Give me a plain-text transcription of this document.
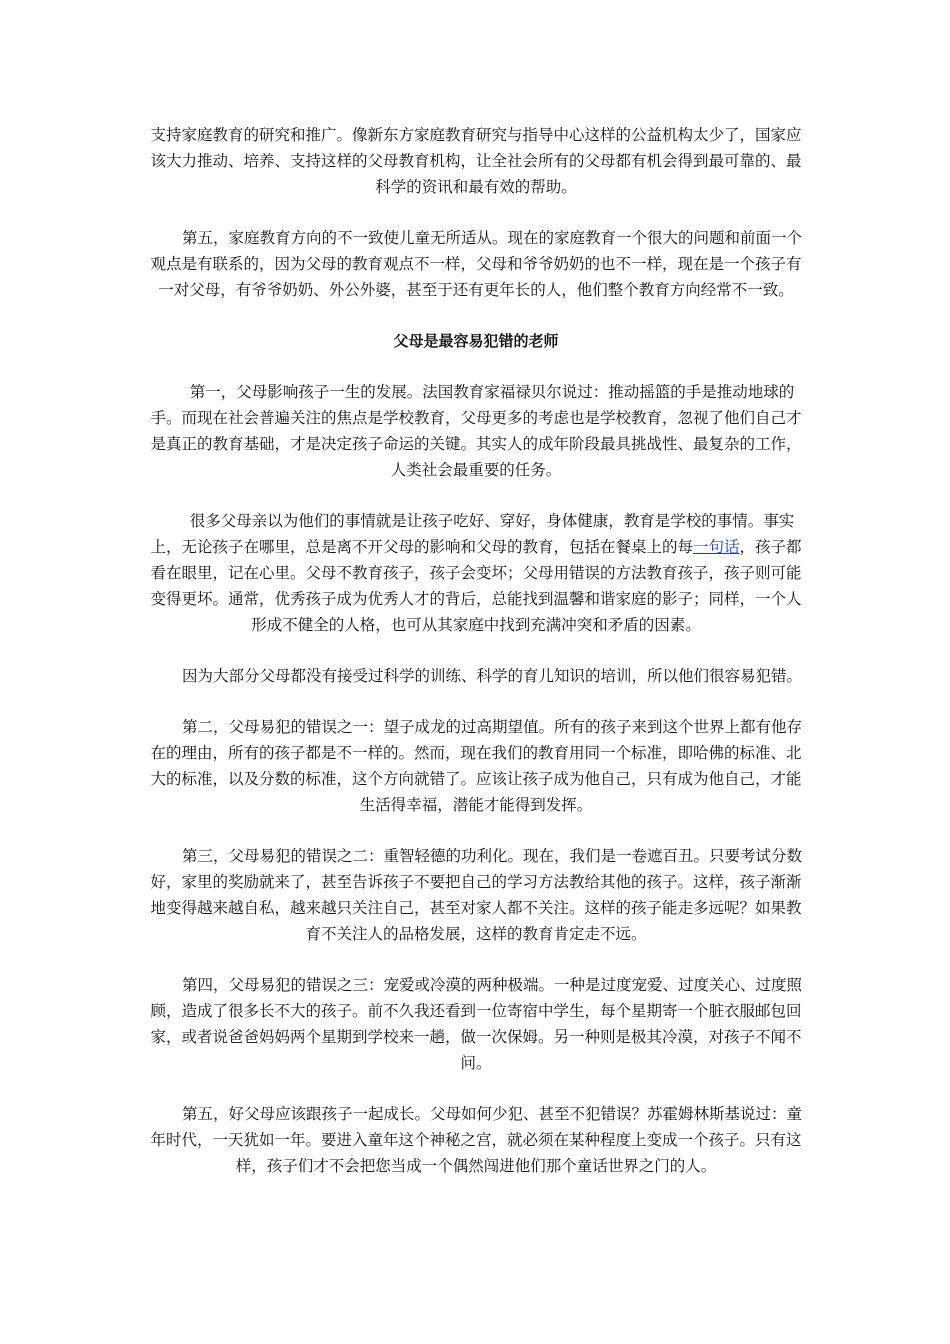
支持家庭教育的研究和推广。像新东方家庭教育研究与指导中心这样的公益机构太少了，国家应该大力推动、培养、支持这样的父母教育机构，让全社会所有的父母都有机会得到最可靠的、最科学的资讯和最有效的帮助。

第五，家庭教育方向的不一致使儿童无所适从。现在的家庭教育一个很大的问题和前面一个观点是有联系的，因为父母的教育观点不一样，父母和爷爷奶奶的也不一样，现在是一个孩子有一对父母，有爷爷奶奶、外公外婆，甚至于还有更年长的人，他们整个教育方向经常不一致。

父母是最容易犯错的老师

第一，父母影响孩子一生的发展。法国教育家福禄贝尔说过：推动摇篮的手是推动地球的手。而现在社会普遍关注的焦点是学校教育，父母更多的考虑也是学校教育，忽视了他们自己才是真正的教育基础，才是决定孩子命运的关键。其实人的成年阶段最具挑战性、最复杂的工作，人类社会最重要的任务。

很多父母亲以为他们的事情就是让孩子吃好、穿好，身体健康，教育是学校的事情。事实上，无论孩子在哪里，总是离不开父母的影响和父母的教育，包括在餐桌上的每一句话，孩子都看在眼里，记在心里。父母不教育孩子，孩子会变坏；父母用错误的方法教育孩子，孩子则可能变得更坏。通常，优秀孩子成为优秀人才的背后，总能找到温馨和谐家庭的影子；同样，一个人形成不健全的人格，也可从其家庭中找到充满冲突和矛盾的因素。

因为大部分父母都没有接受过科学的训练、科学的育儿知识的培训，所以他们很容易犯错。

第二，父母易犯的错误之一：望子成龙的过高期望值。所有的孩子来到这个世界上都有他存在的理由，所有的孩子都是不一样的。然而，现在我们的教育用同一个标准，即哈佛的标准、北大的标准，以及分数的标准，这个方向就错了。应该让孩子成为他自己，只有成为他自己，才能生活得幸福，潜能才能得到发挥。

第三，父母易犯的错误之二：重智轻德的功利化。现在，我们是一卷遮百丑。只要考试分数好，家里的奖励就来了，甚至告诉孩子不要把自己的学习方法教给其他的孩子。这样，孩子渐渐地变得越来越自私，越来越只关注自己，甚至对家人都不关注。这样的孩子能走多远呢？如果教育不关注人的品格发展，这样的教育肯定走不远。

第四，父母易犯的错误之三：宠爱或冷漠的两种极端。一种是过度宠爱、过度关心、过度照顾，造成了很多长不大的孩子。前不久我还看到一位寄宿中学生，每个星期寄一个脏衣服邮包回家，或者说爸爸妈妈两个星期到学校来一趟，做一次保姆。另一种则是极其冷漠，对孩子不闻不问。

第五，好父母应该跟孩子一起成长。父母如何少犯、甚至不犯错误？苏霍姆林斯基说过：童年时代，一天犹如一年。要进入童年这个神秘之宫，就必须在某种程度上变成一个孩子。只有这样，孩子们才不会把您当成一个偶然闯进他们那个童话世界之门的人。
